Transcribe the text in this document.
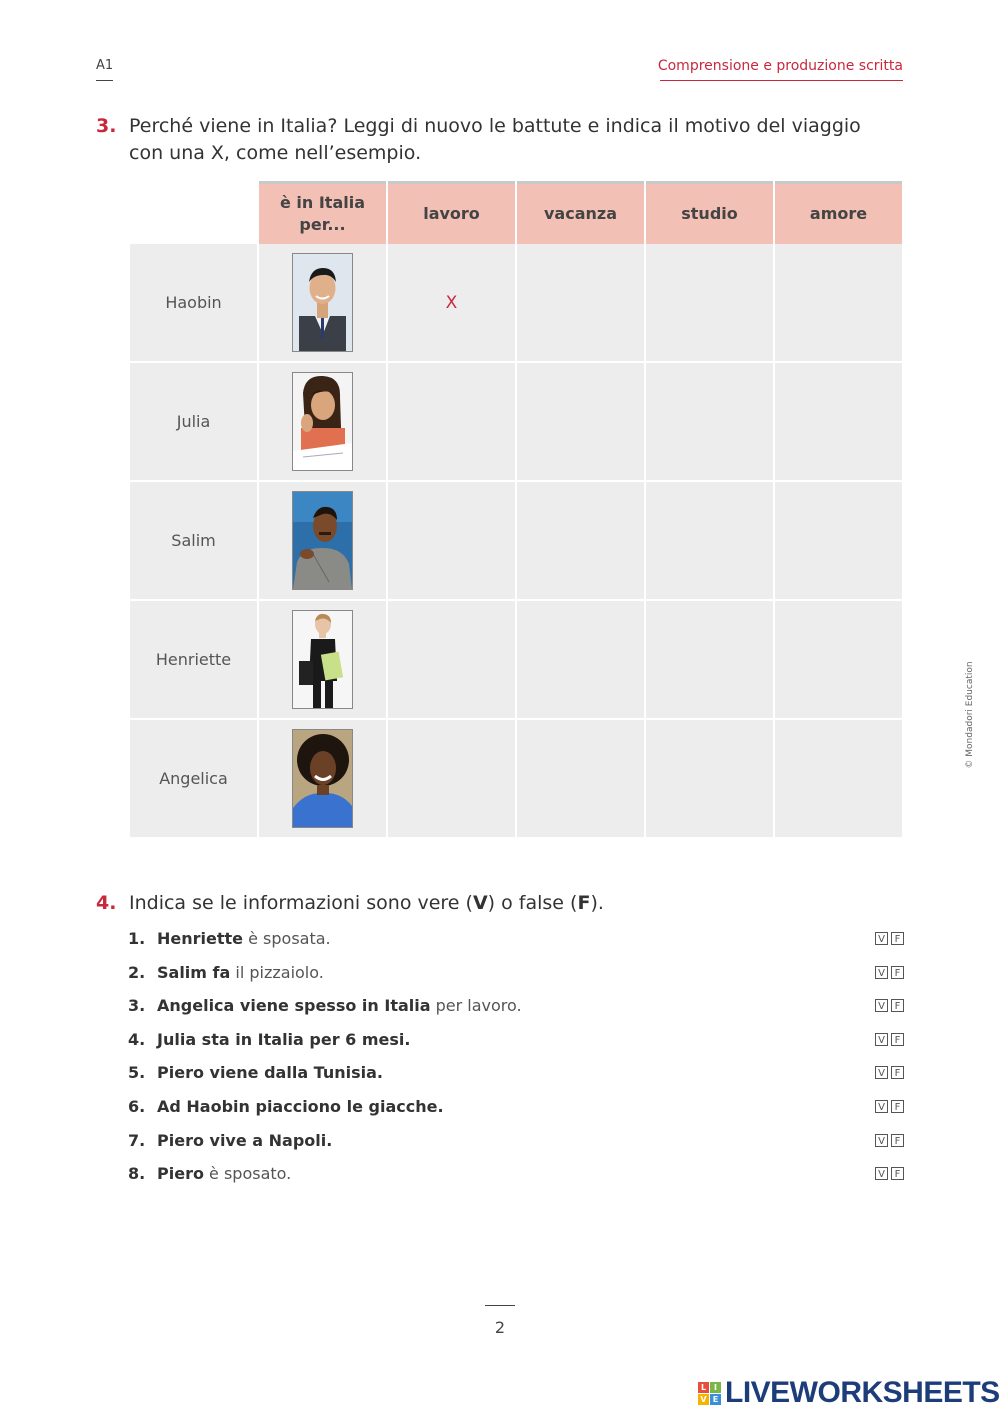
A1	Comprensione e produzione scritta
3. Perché viene in Italia? Leggi di nuovo le battute e indica il motivo del viaggio
con una X, come nell’esempio.
	è in Italia per...	lavoro	vacanza	studio	amore
Haobin		X			
Julia	

Salim	

Henriette	

Angelica	

4. Indica se le informazioni sono vere (V) o false (F).
1. Henriette è sposata.	V F
2. Salim fa il pizzaiolo.	V F
3. Angelica viene spesso in Italia per lavoro.	V F
4. Julia sta in Italia per 6 mesi.	V F
5. Piero viene dalla Tunisia.	V F
6. Ad Haobin piacciono le giacche.	V F
7. Piero vive a Napoli.	V F
8. Piero è sposato.	V F
© Mondadori Education
2
L I
V E LIVEWORKSHEETS
